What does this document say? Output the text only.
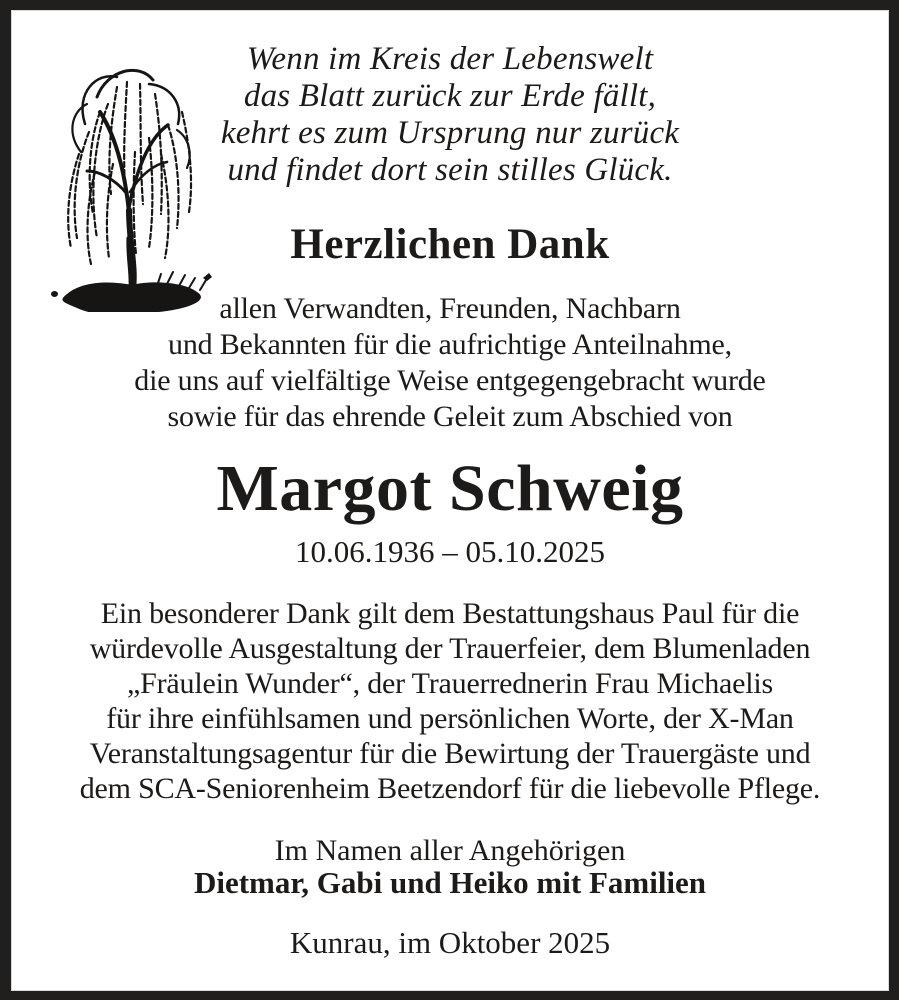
Wenn im Kreis der Lebenswelt
das Blatt zurück zur Erde fällt,
kehrt es zum Ursprung nur zurück
und findet dort sein stilles Glück.
Herzlichen Dank
allen Verwandten, Freunden, Nachbarn
und Bekannten für die aufrichtige Anteilnahme,
die uns auf vielfältige Weise entgegengebracht wurde
sowie für das ehrende Geleit zum Abschied von
Margot Schweig
10.06.1936 – 05.10.2025
Ein besonderer Dank gilt dem Bestattungshaus Paul für die
würdevolle Ausgestaltung der Trauerfeier, dem Blumenladen
„Fräulein Wunder“, der Trauerrednerin Frau Michaelis
für ihre einfühlsamen und persönlichen Worte, der X-Man
Veranstaltungsagentur für die Bewirtung der Trauergäste und
dem SCA-Seniorenheim Beetzendorf für die liebevolle Pflege.
Im Namen aller Angehörigen
Dietmar, Gabi und Heiko mit Familien
Kunrau, im Oktober 2025
